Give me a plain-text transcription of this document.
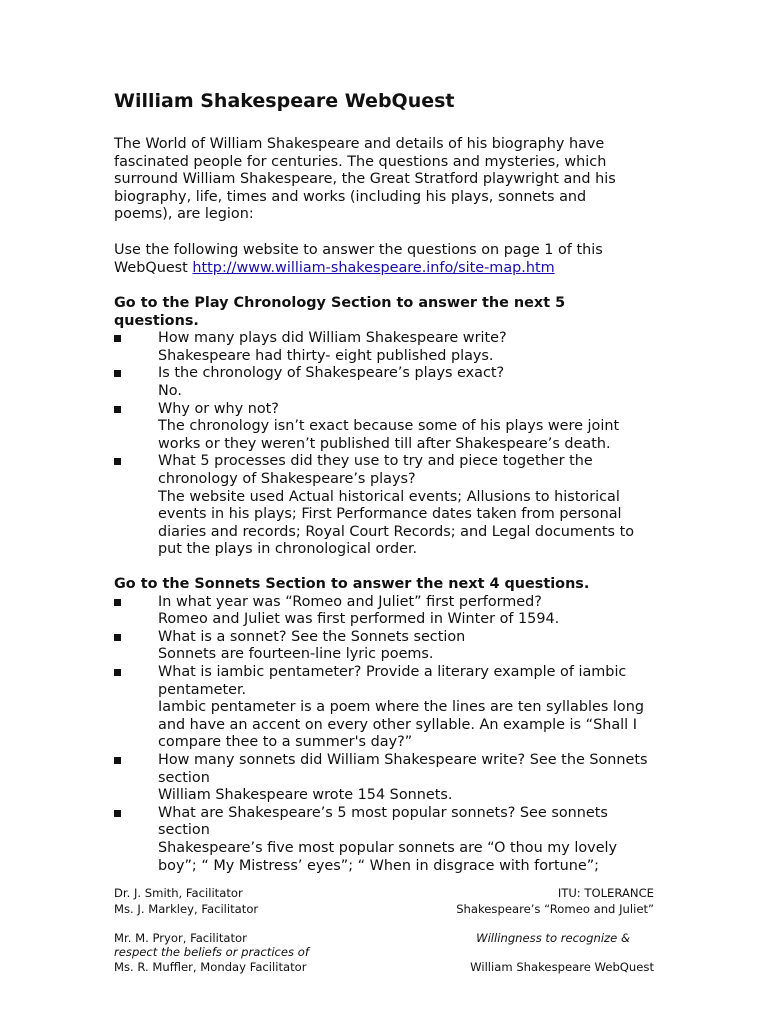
William Shakespeare WebQuest

The World of William Shakespeare and details of his biography have fascinated people for centuries. The questions and mysteries, which surround William Shakespeare, the Great Stratford playwright and his biography, life, times and works (including his plays, sonnets and poems), are legion:

Use the following website to answer the questions on page 1 of this WebQuest http://www.william-shakespeare.info/site-map.htm

Go to the Play Chronology Section to answer the next 5 questions.

How many plays did William Shakespeare write?
Shakespeare had thirty- eight published plays.
Is the chronology of Shakespeare’s plays exact?
No.
Why or why not?
The chronology isn’t exact because some of his plays were joint works or they weren’t published till after Shakespeare’s death.
What 5 processes did they use to try and piece together the chronology of Shakespeare’s plays?
The website used Actual historical events; Allusions to historical events in his plays; First Performance dates taken from personal diaries and records; Royal Court Records; and Legal documents to put the plays in chronological order.

Go to the Sonnets Section to answer the next 4 questions.

In what year was “Romeo and Juliet” first performed?
Romeo and Juliet was first performed in Winter of 1594.
What is a sonnet? See the Sonnets section
Sonnets are fourteen-line lyric poems.
What is iambic pentameter? Provide a literary example of iambic pentameter.
Iambic pentameter is a poem where the lines are ten syllables long and have an accent on every other syllable. An example is “Shall I compare thee to a summer's day?”
How many sonnets did William Shakespeare write? See the Sonnets section
William Shakespeare wrote 154 Sonnets.
What are Shakespeare’s 5 most popular sonnets? See sonnets section
Shakespeare’s five most popular sonnets are “O thou my lovely boy”; “ My Mistress’ eyes”; “ When in disgrace with fortune”;
Dr. J. Smith, Facilitator	ITU: TOLERANCE
Ms. J. Markley, Facilitator	Shakespeare’s “Romeo and Juliet”
Mr. M. Pryor, Facilitator	Willingness to recognize &
respect the beliefs or practices of
Ms. R. Muffler, Monday Facilitator	William Shakespeare WebQuest
